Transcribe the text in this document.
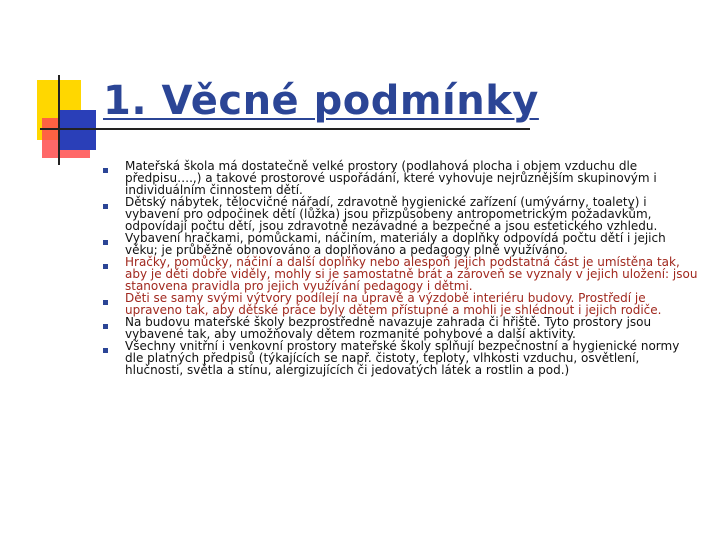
1. Věcné podmínky
Mateřská škola má dostatečně velké prostory (podlahová plocha i objem vzduchu dle předpisu….,) a takové prostorové uspořádání, které vyhovuje nejrůznějším skupinovým i individuálním činnostem dětí.
Dětský nábytek, tělocvičné nářadí, zdravotně hygienické zařízení (umývárny, toalety) i vybavení pro odpočinek dětí (lůžka) jsou přizpůsobeny antropometrickým požadavkům, odpovídají počtu dětí, jsou zdravotně nezávadné a bezpečné a jsou estetického vzhledu.
Vybavení hračkami, pomůckami, náčiním, materiály a doplňky odpovídá počtu dětí i jejich věku; je průběžně obnovováno a doplňováno a pedagogy plně využíváno.
Hračky, pomůcky, náčiní a další doplňky nebo alespoň jejich podstatná část je umístěna tak, aby je děti dobře viděly, mohly si je samostatně brát a zároveň se vyznaly v jejich uložení: jsou stanovena pravidla pro jejich využívání pedagogy i dětmi.
Děti se samy svými výtvory podílejí na úpravě a výzdobě interiéru budovy. Prostředí je upraveno tak, aby dětské práce byly dětem přístupné a mohli je shlédnout i jejich rodiče.
Na budovu mateřské školy bezprostředně navazuje zahrada či hřiště. Tyto prostory jsou vybavené tak, aby umožňovaly dětem rozmanité pohybové a další aktivity.
Všechny vnitřní i venkovní prostory mateřské školy splňují bezpečnostní a hygienické normy dle platných předpisů (týkajících se např. čistoty, teploty, vlhkosti vzduchu, osvětlení, hlučnosti, světla a stínu, alergizujících či jedovatých látek a rostlin a pod.)
